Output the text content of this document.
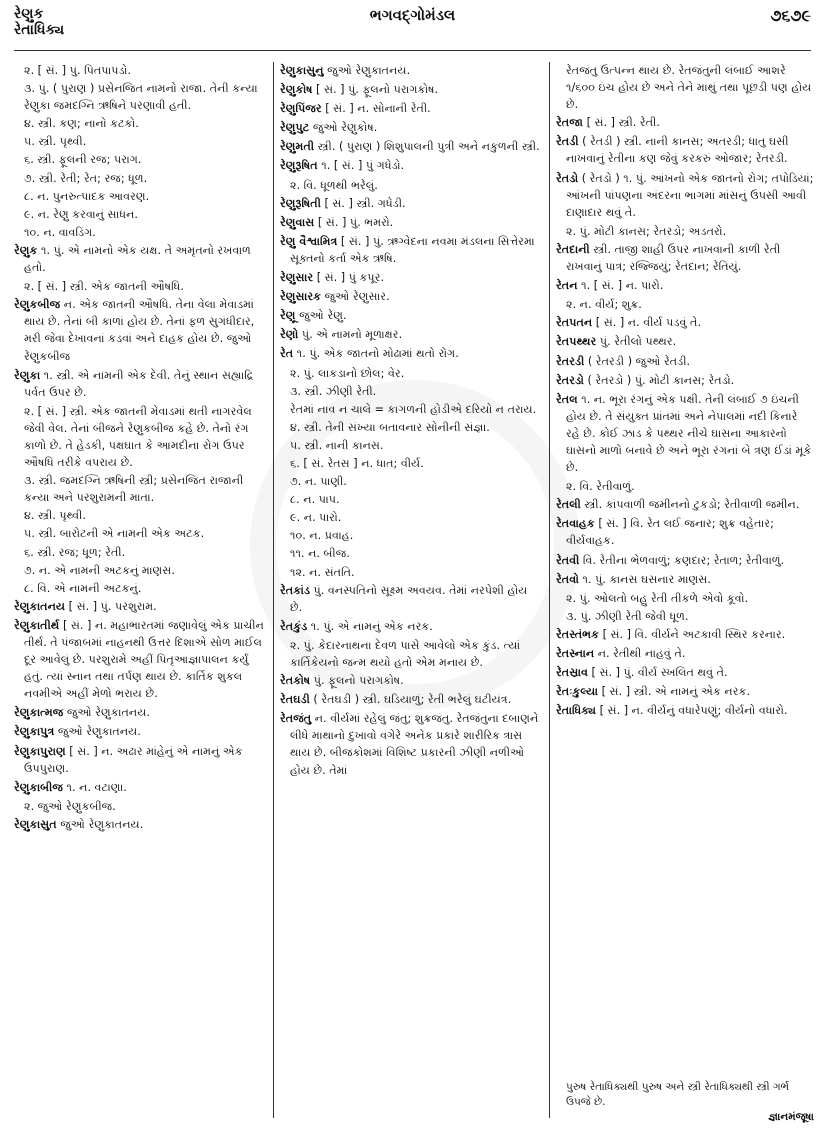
રેણુક
રેતાધિક્ય
ભગવદ્ગોમંડલ	૭૬૭૯
૨. [ સં. ] પું. પિતપાપડો.
૩. પું. ( પુરાણ ) પ્રસેનજિત નામનો રાજા. તેની કન્યા રેણુકા જમદગ્નિ ઋષિને પરણાવી હતી.
૪. સ્ત્રી. કણ; નાનો કટકો.
૫. સ્ત્રી. પૃથ્વી.
૬. સ્ત્રી. ફૂલની રજ; પરાગ.
૭. સ્ત્રી. રેતી; રેત; રજ; ધૂળ.
૮. ન. પુનરુત્પાદક આવરણ.
૯. ન. રેણુ કરવાનું સાધન.
૧૦. ન. વાવડિંગ.
રેણુક ૧. પું. એ નામનો એક યક્ષ. તે અમૃતનો રખવાળ હતો.
૨. [ સં. ] સ્ત્રી. એક જાતની ઔષધિ.
રેણુકબીજ ન. એક જાતની ઔષધિ. તેના વેલા મેવાડમાં થાય છે. તેનાં બી કાળાં હોય છે. તેનાં ફળ સુગંધીદાર, મરી જેવા દેખાવનાં કડવાં અને દાહક હોય છે. જુઓ રેણુકબીજ
રેણુકા ૧. સ્ત્રી. એ નામની એક દેવી. તેનું સ્થાન સહ્યાદ્રિ પર્વત ઉપર છે.
૨. [ સં. ] સ્ત્રી. એક જાતની મેવાડમાં થતી નાગરવેલ જેવી વેલ. તેનાં બીજને રેણુકબીજ કહે છે. તેનો રંગ કાળો છે. તે હેડકી, પક્ષઘાત કે આમદીના રોગ ઉપર ઔષધિ તરીકે વપરાય છે.
૩. સ્ત્રી. જમદગ્નિ ઋષિની સ્ત્રી; પ્રસેનજિત રાજાની કન્યા અને પરશુરામની માતા.
૪. સ્ત્રી. પૃથ્વી.
૫. સ્ત્રી. બારોટની એ નામની એક અટક.
૬. સ્ત્રી. રજ; ધૂળ; રેતી.
૭. ન. એ નામની અટકનું માણસ.
૮. વિ. એ નામની અટકનું.
રેણુકાતનય [ સં. ] પું. પરશુરામ.
રેણુકાતીર્થ [ સં. ] ન. મહાભારતમાં જણાવેલું એક પ્રાચીન તીર્થ. તે પંજાબમાં નાહનથી ઉત્તર દિશાએ સોળ માઈલ દૂર આવેલું છે. પરશુરામે અહીં પિતૃઆજ્ઞાપાલન કર્યું હતું. ત્યાં સ્નાન તથા તર્પણ થાય છે. કાર્તિક શુકલ નવમીએ અહીં મેળો ભરાય છે.
રેણુકાત્મજ જુઓ રેણુકાતનય.
રેણુકાપુત્ર જુઓ રેણુકાતનય.
રેણુકાપુરાણ [ સં. ] ન. અઢાર માંહેનું એ નામનું એક ઉપપુરાણ.
રેણુકાબીજ ૧. ન. વટાણા.
૨. જુઓ રેણુકબીજ.
રેણુકાસુત જુઓ રેણુકાતનય.
રેણુકાસુનુ જુઓ રેણુકાતનય.
રેણુકોષ [ સં. ] પું. ફૂલનો પરાગકોષ.
રેણુપિંજર [ સં. ] ન. સોનાની રેતી.
રેણુપુટ જુઓ રેણુકોષ.
રેણુમતી સ્ત્રી. ( પુરાણ ) શિશુપાલની પુત્રી અને નકુળની સ્ત્રી.
રેણુરૂષિત ૧. [ સં. ] પું ગધેડો.
૨. વિ. ધૂળથી ભરેલું.
રેણુરૂષિતી [ સં. ] સ્ત્રી. ગધેડી.
રેણુવાસ [ સં. ] પું. ભમરો.
રેણુ વૈશ્વામિત્ર [ સં. ] પું. ઋગ્વેદના નવમા મંડલના સિત્તેરમા સૂક્તનો કર્તા એક ઋષિ.
રેણુસાર [ સં. ] પું કપૂર.
રેણુસારક જુઓ રેણુસાર.
રેણૂ જુઓ રેણુ.
રેણો પું. એ નામનો મૂળાક્ષર.
રેત ૧. પું. એક જાતનો મોઢામાં થતો રોગ.
૨. પું. લાકડાનો છોલ; વેર.
૩. સ્ત્રી. ઝીણી રેતી.
રેતમાં નાવ ન ચાલે = કાગળની હોડીએ દરિયો ન તરાય.
૪. સ્ત્રી. તેની સંખ્યા બતાવનાર સોનીની સંજ્ઞા.
૫. સ્ત્રી. નાની કાનસ.
૬. [ સં. રેતસ ] ન. ધાત; વીર્ય.
૭. ન. પાણી.
૮. ન. પાપ.
૯. ન. પારો.
૧૦. ન. પ્રવાહ.
૧૧. ન. બીજ.
૧૨. ન. સંતતિ.
રેતકાંડ પું. વનસ્પતિનો સૂક્ષ્મ અવયવ. તેમાં નરપેશી હોય છે.
રેતકુંડ ૧. પું. એ નામનું એક નરક.
૨. પું. કેદારનાથના દેવળ પાસે આવેલો એક કુંડ. ત્યાં કાર્તિકેયનો જન્મ થયો હતો એમ મનાય છે.
રેતકોષ પું. ફૂલનો પરાગકોષ.
રેતઘડી ( રેતઘડી ) સ્ત્રી. ઘડિયાળું; રેતી ભરેલું ઘટીયંત્ર.
રેતજંતુ ન. વીર્યમાં રહેલું જંતુ; શુક્રજંતુ. રેતજંતુના દબાણને લીધે માથાનો દુખાવો વગેરે અનેક પ્રકારે શારીરિક ત્રાસ થાય છે. બીજકોશમાં વિશિષ્ટ પ્રકારની ઝીણી નળીઓ હોય છે. તેમાં
રેતજંતુ ઉત્પન્ન થાય છે. રેતજંતુની લંબાઈ આશરે ૧/૬૦૦ ઇંચ હોય છે અને તેને માથું તથા પૂછડી પણ હોય છે.
રેતજા [ સં. ] સ્ત્રી. રેતી.
રેતડી ( રેતડી ) સ્ત્રી. નાની કાનસ; અતરડી; ધાતુ ઘસી નાખવાનું રેતીના કણ જેવું કરકરું ઓજાર; રેતરડી.
રેતડો ( રેતડો ) ૧. પું. આંખનો એક જાતનો રોગ; તપોડિયાં; આંખની પાંપણના અંદરના ભાગમાં માંસનું ઉપસી આવી દાણાદાર થવું તે.
૨. પું. મોટી કાનસ; રેતરડો; અડતરો.
રેતદાની સ્ત્રી. તાજી શાહી ઉપર નાખવાની કાળી રેતી રાખવાનું પાત્ર; રજ્જિયું; રેતદાન; રેતિયું.
રેતન ૧. [ સં. ] ન. પારો.
૨. ન. વીર્ય; શુક્ર.
રેતપતન [ સં. ] ન. વીર્ય પડવું તે.
રેતપથ્થર પું. રેતીલો પથ્થર.
રેતરડી ( રેતરડી ) જુઓ રેતડી.
રેતરડો ( રેતરડો ) પું. મોટી કાનસ; રેતડો.
રેતલ ૧. ન. ભૂરા રંગનું એક પક્ષી. તેની લંબાઈ ૭ ઇંચની હોય છે. તે સંયુક્ત પ્રાંતમાં અને નેપાલમાં નદી કિનારે રહે છે. કોઈ ઝાડ કે પથ્થર નીચે ઘાસના આકારનો ઘાસનો માળો બનાવે છે અને ભૂરા રંગનાં બે ત્રણ ઈંડાં મૂકે છે.
૨. વિ. રેતીવાળું.
રેતલી સ્ત્રી. કાંપવાળી જમીનનો ટુકડો; રેતીવાળી જમીન.
રેતવાહક [ સં. ] વિ. રેત લઈ જનાર; શુક્ર વહેતાર; વીર્યવાહક.
રેતવી વિ. રેતીના ભેળવાળું; કણદાર; રેતાળ; રેતીવાળું.
રેતવો ૧. પું. કાનસ ઘસનાર માણસ.
૨. પું. ઓલતો બહુ રેતી તીકળે એવો કૂવો.
૩. પું. ઝીણી રેતી જેવી ધૂળ.
રેતસ્તંભક [ સં. ] વિ. વીર્યને અટકાવી સ્થિર કરનાર.
રેતસ્નાન ન. રેતીથી નાહવું તે.
રેતસ્રાવ [ સં. ] પું. વીર્ય સ્ખલિત થવું તે.
રેતઃકુલ્યા [ સં. ] સ્ત્રી. એ નામનું એક નરક.
રેતાધિક્ય [ સં. ] ન. વીર્યનું વધારેપણું; વીર્યનો વધારો.
પુરુષ રેતાધિક્યથી પુરુષ અને સ્ત્રી રેતાધિક્યથી સ્ત્રી ગર્ભ ઉપજે છે.
જ્ઞાનમંજૂષા
